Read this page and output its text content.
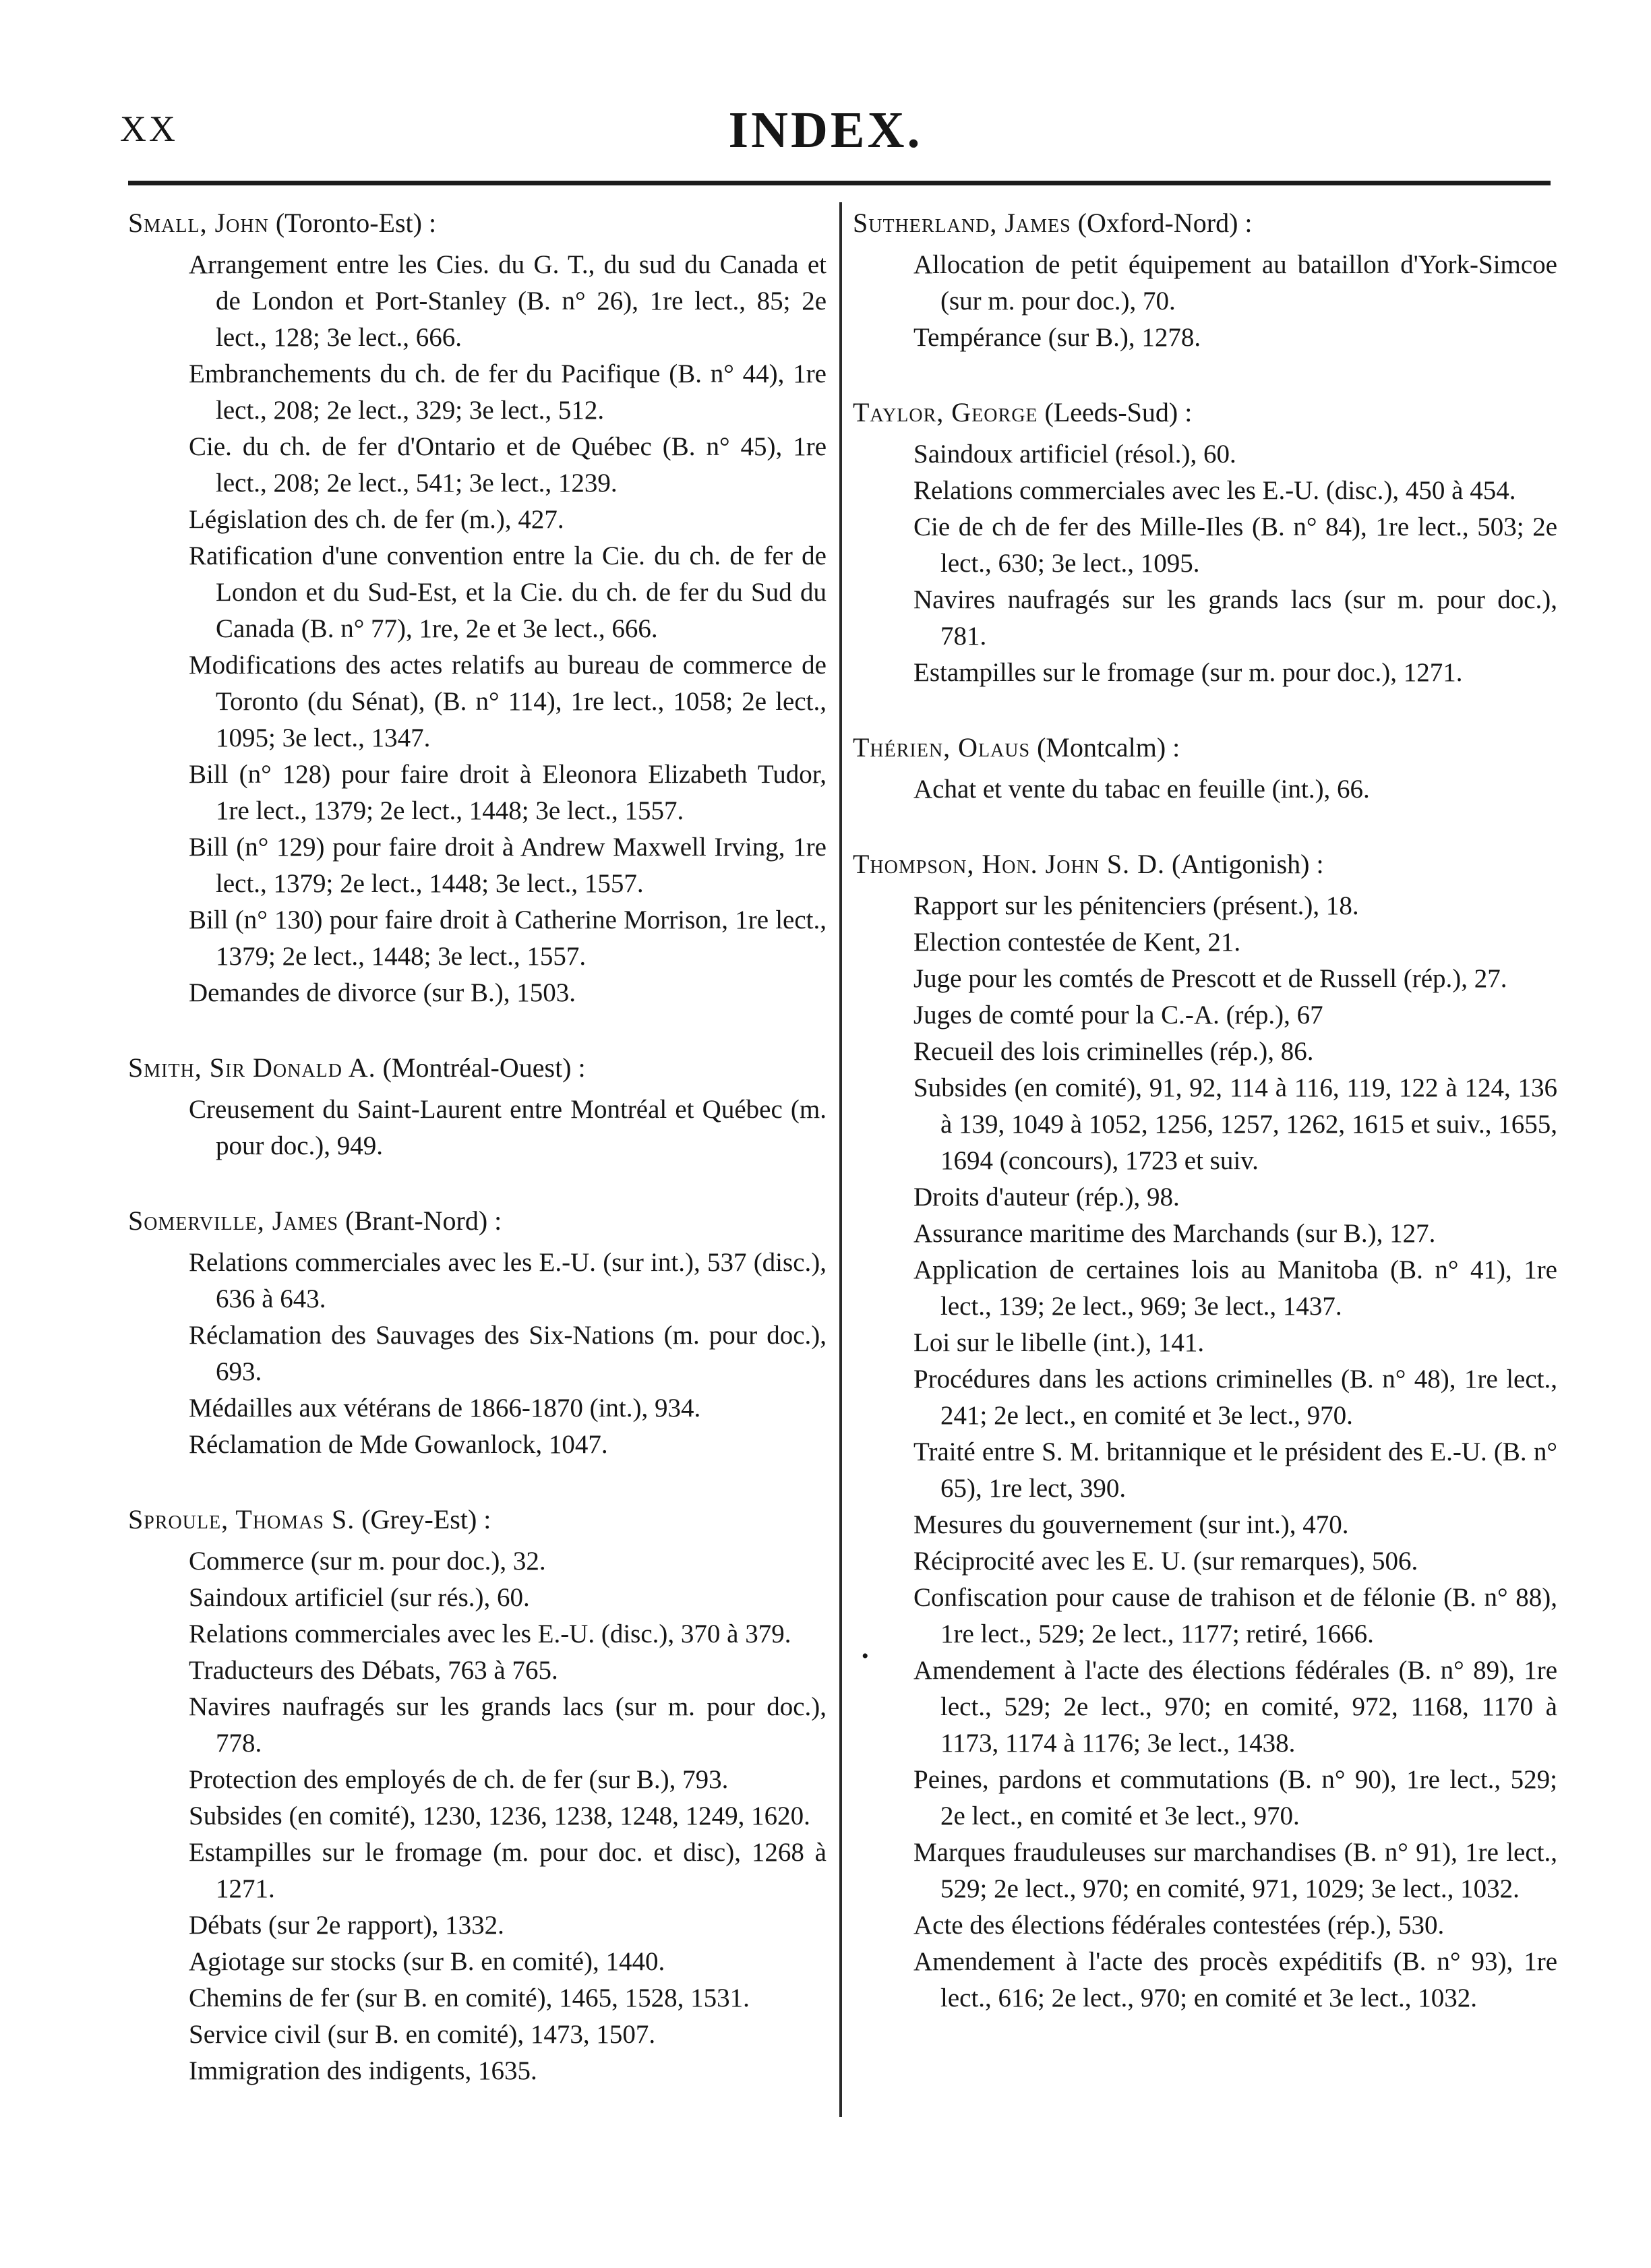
XX	INDEX.
•
Small, John (Toronto-Est) :
Arrangement entre les Cies. du G. T., du sud du Canada et de London et Port-Stanley (B. n° 26), 1re lect., 85; 2e lect., 128; 3e lect., 666.
Embranchements du ch. de fer du Pacifique (B. n° 44), 1re lect., 208; 2e lect., 329; 3e lect., 512.
Cie. du ch. de fer d'Ontario et de Québec (B. n° 45), 1re lect., 208; 2e lect., 541; 3e lect., 1239.
Législation des ch. de fer (m.), 427.
Ratification d'une convention entre la Cie. du ch. de fer de London et du Sud-Est, et la Cie. du ch. de fer du Sud du Canada (B. n° 77), 1re, 2e et 3e lect., 666.
Modifications des actes relatifs au bureau de commerce de Toronto (du Sénat), (B. n° 114), 1re lect., 1058; 2e lect., 1095; 3e lect., 1347.
Bill (n° 128) pour faire droit à Eleonora Elizabeth Tudor, 1re lect., 1379; 2e lect., 1448; 3e lect., 1557.
Bill (n° 129) pour faire droit à Andrew Maxwell Irving, 1re lect., 1379; 2e lect., 1448; 3e lect., 1557.
Bill (n° 130) pour faire droit à Catherine Morrison, 1re lect., 1379; 2e lect., 1448; 3e lect., 1557.
Demandes de divorce (sur B.), 1503.
Smith, Sir Donald A. (Montréal-Ouest) :
Creusement du Saint-Laurent entre Montréal et Québec (m. pour doc.), 949.
Somerville, James (Brant-Nord) :
Relations commerciales avec les E.-U. (sur int.), 537 (disc.), 636 à 643.
Réclamation des Sauvages des Six-Nations (m. pour doc.), 693.
Médailles aux vétérans de 1866-1870 (int.), 934.
Réclamation de Mde Gowanlock, 1047.
Sproule, Thomas S. (Grey-Est) :
Commerce (sur m. pour doc.), 32.
Saindoux artificiel (sur rés.), 60.
Relations commerciales avec les E.-U. (disc.), 370 à 379.
Traducteurs des Débats, 763 à 765.
Navires naufragés sur les grands lacs (sur m. pour doc.), 778.
Protection des employés de ch. de fer (sur B.), 793.
Subsides (en comité), 1230, 1236, 1238, 1248, 1249, 1620.
Estampilles sur le fromage (m. pour doc. et disc), 1268 à 1271.
Débats (sur 2e rapport), 1332.
Agiotage sur stocks (sur B. en comité), 1440.
Chemins de fer (sur B. en comité), 1465, 1528, 1531.
Service civil (sur B. en comité), 1473, 1507.
Immigration des indigents, 1635.
Sutherland, James (Oxford-Nord) :
Allocation de petit équipement au bataillon d'York-Simcoe (sur m. pour doc.), 70.
Tempérance (sur B.), 1278.
Taylor, George (Leeds-Sud) :
Saindoux artificiel (résol.), 60.
Relations commerciales avec les E.-U. (disc.), 450 à 454.
Cie de ch de fer des Mille-Iles (B. n° 84), 1re lect., 503; 2e lect., 630; 3e lect., 1095.
Navires naufragés sur les grands lacs (sur m. pour doc.), 781.
Estampilles sur le fromage (sur m. pour doc.), 1271.
Thérien, Olaus (Montcalm) :
Achat et vente du tabac en feuille (int.), 66.
Thompson, Hon. John S. D. (Antigonish) :
Rapport sur les pénitenciers (présent.), 18.
Election contestée de Kent, 21.
Juge pour les comtés de Prescott et de Russell (rép.), 27.
Juges de comté pour la C.-A. (rép.), 67
Recueil des lois criminelles (rép.), 86.
Subsides (en comité), 91, 92, 114 à 116, 119, 122 à 124, 136 à 139, 1049 à 1052, 1256, 1257, 1262, 1615 et suiv., 1655, 1694 (concours), 1723 et suiv.
Droits d'auteur (rép.), 98.
Assurance maritime des Marchands (sur B.), 127.
Application de certaines lois au Manitoba (B. n° 41), 1re lect., 139; 2e lect., 969; 3e lect., 1437.
Loi sur le libelle (int.), 141.
Procédures dans les actions criminelles (B. n° 48), 1re lect., 241; 2e lect., en comité et 3e lect., 970.
Traité entre S. M. britannique et le président des E.-U. (B. n° 65), 1re lect, 390.
Mesures du gouvernement (sur int.), 470.
Réciprocité avec les E. U. (sur remarques), 506.
Confiscation pour cause de trahison et de félonie (B. n° 88), 1re lect., 529; 2e lect., 1177; retiré, 1666.
Amendement à l'acte des élections fédérales (B. n° 89), 1re lect., 529; 2e lect., 970; en comité, 972, 1168, 1170 à 1173, 1174 à 1176; 3e lect., 1438.
Peines, pardons et commutations (B. n° 90), 1re lect., 529; 2e lect., en comité et 3e lect., 970.
Marques frauduleuses sur marchandises (B. n° 91), 1re lect., 529; 2e lect., 970; en comité, 971, 1029; 3e lect., 1032.
Acte des élections fédérales contestées (rép.), 530.
Amendement à l'acte des procès expéditifs (B. n° 93), 1re lect., 616; 2e lect., 970; en comité et 3e lect., 1032.
